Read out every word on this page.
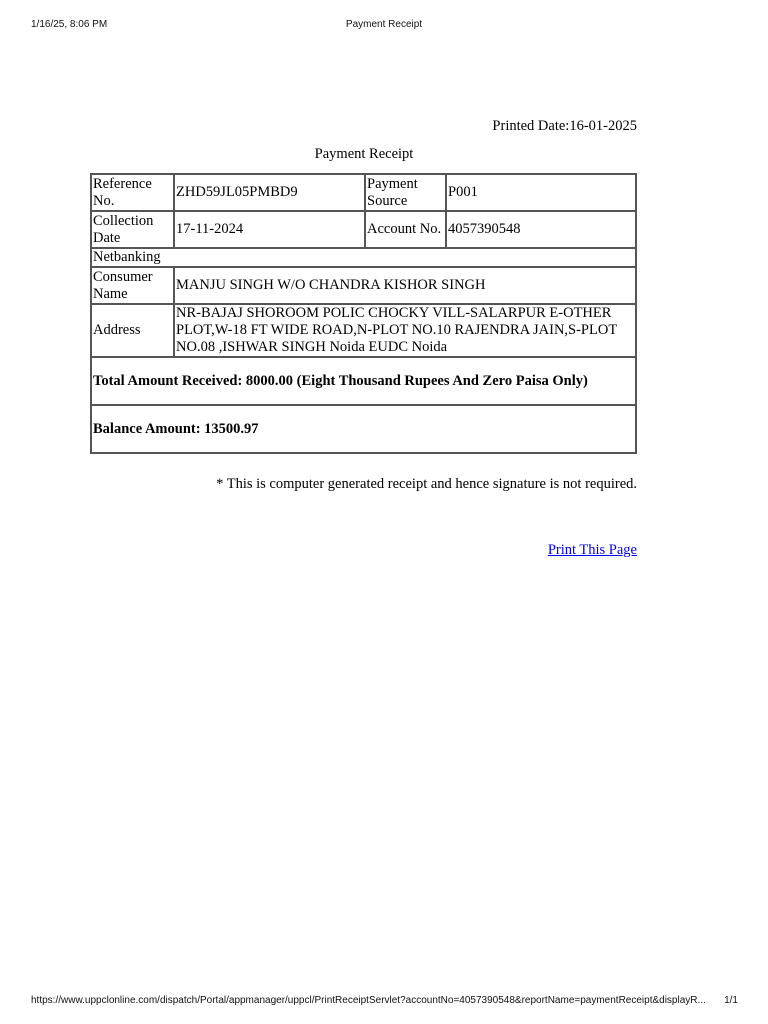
1/16/25, 8:06 PM	Payment Receipt
Printed Date:16-01-2025
Payment Receipt
Reference No.	ZHD59JL05PMBD9	Payment Source	P001
Collection Date	17-11-2024	Account No.	4057390548
Netbanking			
Consumer Name	MANJU SINGH W/O CHANDRA KISHOR SINGH		
Address	NR-BAJAJ SHOROOM POLIC CHOCKY VILL-SALARPUR E-OTHER PLOT,W-18 FT WIDE ROAD,N-PLOT NO.10 RAJENDRA JAIN,S-PLOT NO.08 ,ISHWAR SINGH Noida EUDC Noida		
Total Amount Received: 8000.00 (Eight Thousand Rupees And Zero Paisa Only)			
Balance Amount: 13500.97			
* This is computer generated receipt and hence signature is not required.
Print This Page
https://www.uppclonline.com/dispatch/Portal/appmanager/uppcl/PrintReceiptServlet?accountNo=4057390548&reportName=paymentReceipt&displayR... 1/1
